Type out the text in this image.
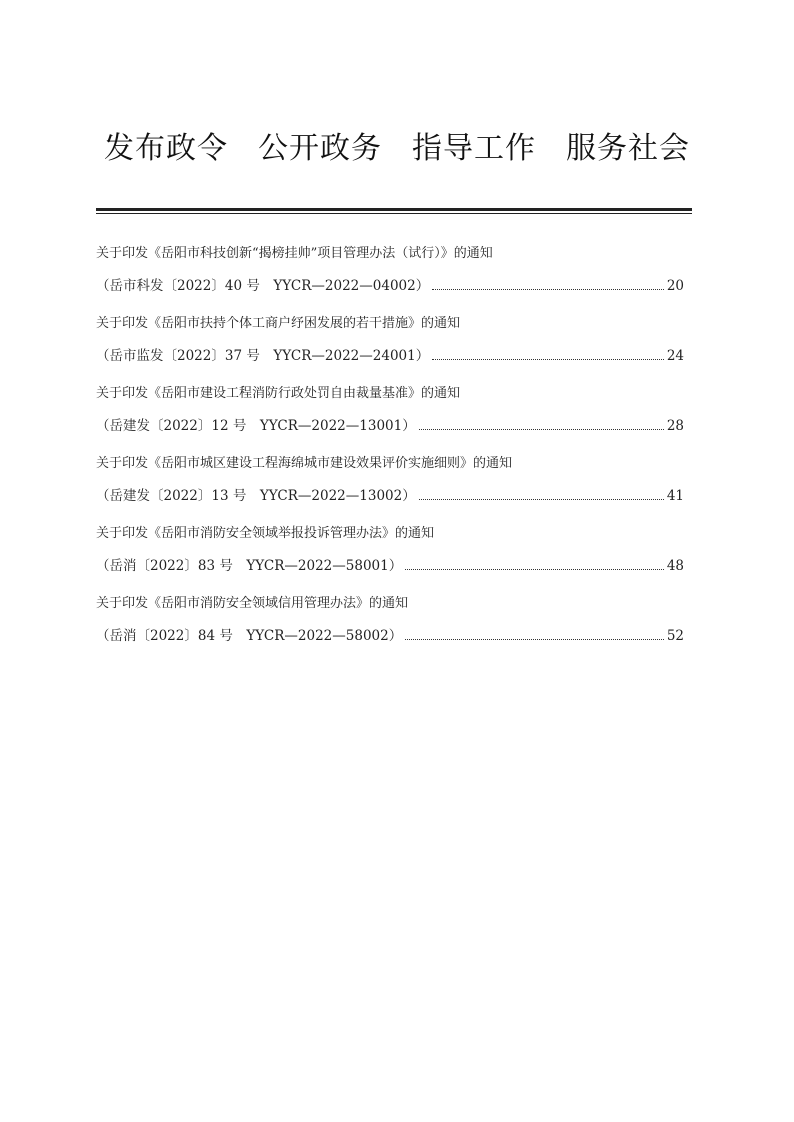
发布政令 公开政务 指导工作 服务社会
关于印发《岳阳市科技创新“揭榜挂帅”项目管理办法（试行）》的通知
（岳市科发〔2022〕40 号　YYCR—2022—04002）	20
关于印发《岳阳市扶持个体工商户纾困发展的若干措施》的通知
（岳市监发〔2022〕37 号　YYCR—2022—24001）	24
关于印发《岳阳市建设工程消防行政处罚自由裁量基准》的通知
（岳建发〔2022〕12 号　YYCR—2022—13001）	28
关于印发《岳阳市城区建设工程海绵城市建设效果评价实施细则》的通知
（岳建发〔2022〕13 号　YYCR—2022—13002）	41
关于印发《岳阳市消防安全领域举报投诉管理办法》的通知
（岳消〔2022〕83 号　YYCR—2022—58001）	48
关于印发《岳阳市消防安全领域信用管理办法》的通知
（岳消〔2022〕84 号　YYCR—2022—58002）	52
